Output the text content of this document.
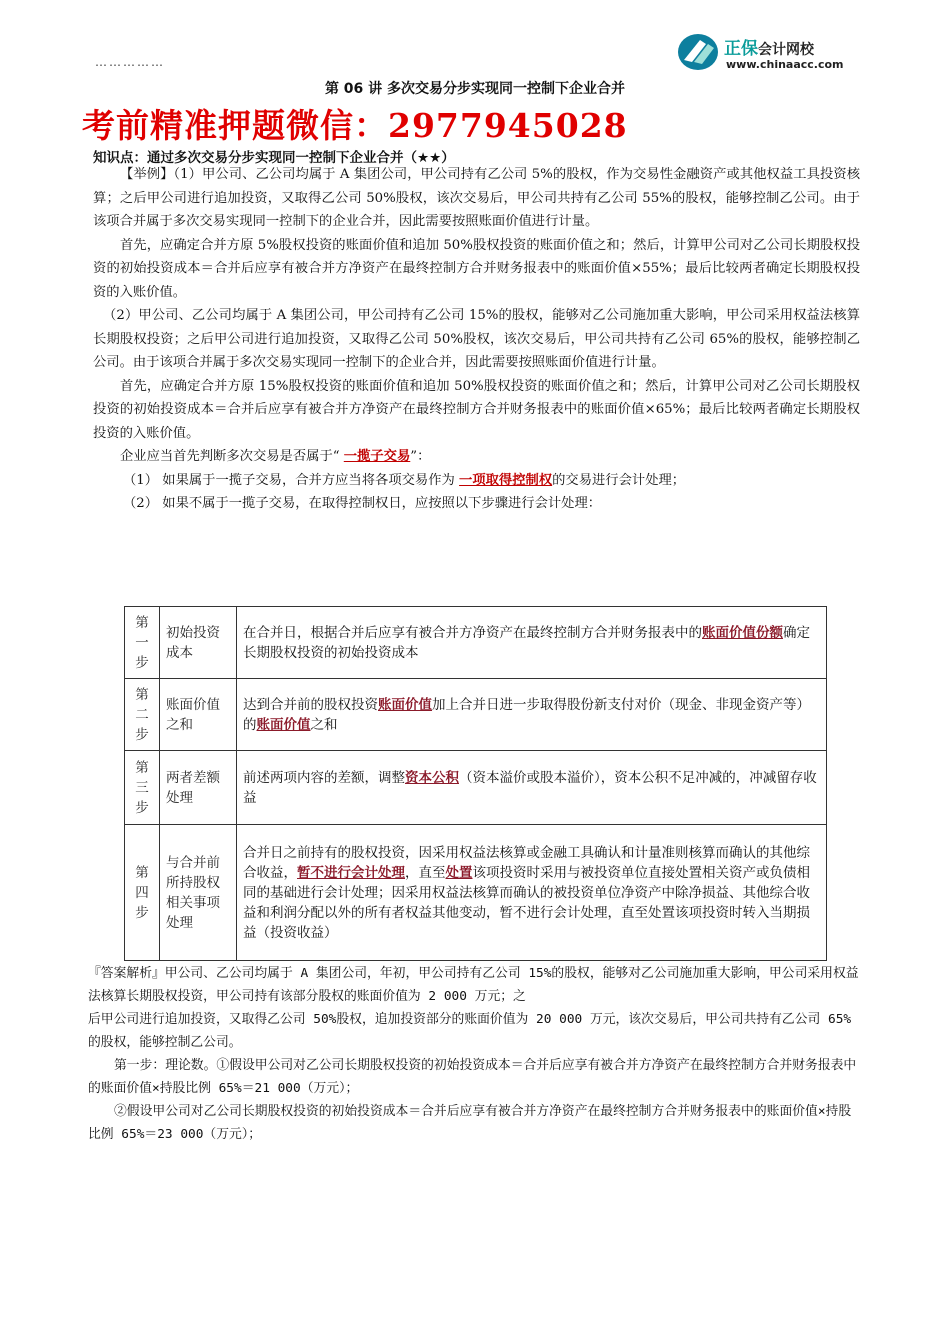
……………
正保会计网校
www.chinaacc.com
第 06 讲 多次交易分步实现同一控制下企业合并
考前精准押题微信：2977945028
知识点：通过多次交易分步实现同一控制下企业合并（★★）

【举例】（1）甲公司、乙公司均属于 A 集团公司，甲公司持有乙公司 5%的股权，作为交易性金融资产或其他权益工具投资核算；之后甲公司进行追加投资，又取得乙公司 50%股权，该次交易后，甲公司共持有乙公司 55%的股权，能够控制乙公司。由于该项合并属于多次交易实现同一控制下的企业合并，因此需要按照账面价值进行计量。

首先，应确定合并方原 5%股权投资的账面价值和追加 50%股权投资的账面价值之和；然后，计算甲公司对乙公司长期股权投资的初始投资成本＝合并后应享有被合并方净资产在最终控制方合并财务报表中的账面价值×55%；最后比较两者确定长期股权投资的入账价值。

（2）甲公司、乙公司均属于 A 集团公司，甲公司持有乙公司 15%的股权，能够对乙公司施加重大影响，甲公司采用权益法核算长期股权投资；之后甲公司进行追加投资，又取得乙公司 50%股权，该次交易后，甲公司共持有乙公司 65%的股权，能够控制乙公司。由于该项合并属于多次交易实现同一控制下的企业合并，因此需要按照账面价值进行计量。

首先，应确定合并方原 15%股权投资的账面价值和追加 50%股权投资的账面价值之和；然后，计算甲公司对乙公司长期股权投资的初始投资成本＝合并后应享有被合并方净资产在最终控制方合并财务报表中的账面价值×65%；最后比较两者确定长期股权投资的入账价值。

企业应当首先判断多次交易是否属于“ 一揽子交易”：

（1） 如果属于一揽子交易，合并方应当将各项交易作为 一项取得控制权的交易进行会计处理；

（2） 如果不属于一揽子交易，在取得控制权日，应按照以下步骤进行会计处理：

第一步	初始投资成本	在合并日，根据合并后应享有被合并方净资产在最终控制方合并财务报表中的账面价值份额确定长期股权投资的初始投资成本

第二步	账面价值之和	达到合并前的股权投资账面价值加上合并日进一步取得股份新支付对价（现金、非现金资产等）的账面价值之和

第三步	两者差额处理	前述两项内容的差额，调整资本公积（资本溢价或股本溢价），资本公积不足冲减的，冲减留存收益

第四步	与合并前所持股权相关事项处理	合并日之前持有的股权投资，因采用权益法核算或金融工具确认和计量准则核算而确认的其他综合收益，暂不进行会计处理，直至处置该项投资时采用与被投资单位直接处置相关资产或负债相同的基础进行会计处理；因采用权益法核算而确认的被投资单位净资产中除净损益、其他综合收益和利润分配以外的所有者权益其他变动，暂不进行会计处理，直至处置该项投资时转入当期损益（投资收益）

『答案解析』甲公司、乙公司均属于 A 集团公司，年初，甲公司持有乙公司 15%的股权，能够对乙公司施加重大影响，甲公司采用权益法核算长期股权投资，甲公司持有该部分股权的账面价值为 2 000 万元；之

后甲公司进行追加投资，又取得乙公司 50%股权，追加投资部分的账面价值为 20 000 万元，该次交易后，甲公司共持有乙公司 65%的股权，能够控制乙公司。

第一步：理论数。①假设甲公司对乙公司长期股权投资的初始投资成本＝合并后应享有被合并方净资产在最终控制方合并财务报表中的账面价值×持股比例 65%＝21 000（万元）；

②假设甲公司对乙公司长期股权投资的初始投资成本＝合并后应享有被合并方净资产在最终控制方合并财务报表中的账面价值×持股比例 65%＝23 000（万元）；
